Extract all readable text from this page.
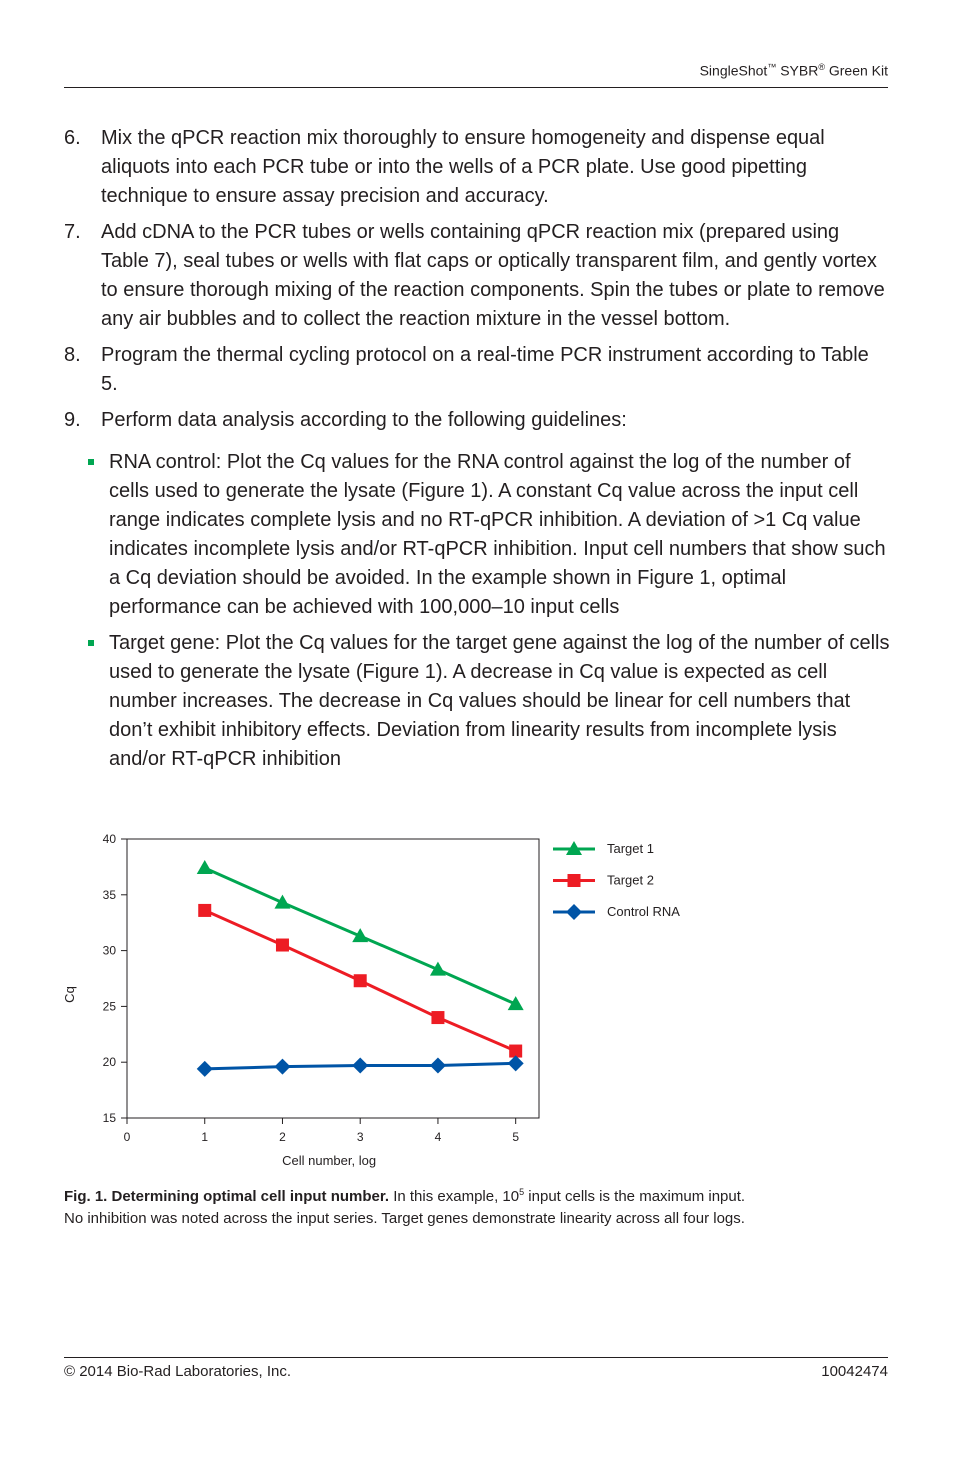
SingleShot™ SYBR® Green Kit
6. Mix the qPCR reaction mix thoroughly to ensure homogeneity and dispense equal aliquots into each PCR tube or into the wells of a PCR plate. Use good pipetting technique to ensure assay precision and accuracy.
7. Add cDNA to the PCR tubes or wells containing qPCR reaction mix (prepared using Table 7), seal tubes or wells with flat caps or optically transparent film, and gently vortex to ensure thorough mixing of the reaction components. Spin the tubes or plate to remove any air bubbles and to collect the reaction mixture in the vessel bottom.
8. Program the thermal cycling protocol on a real-time PCR instrument according to Table 5.
9. Perform data analysis according to the following guidelines:
RNA control: Plot the Cq values for the RNA control against the log of the number of cells used to generate the lysate (Figure 1). A constant Cq value across the input cell range indicates complete lysis and no RT-qPCR inhibition. A deviation of >1 Cq value indicates incomplete lysis and/or RT-qPCR inhibition. Input cell numbers that show such a Cq deviation should be avoided. In the example shown in Figure 1, optimal performance can be achieved with 100,000–10 input cells
Target gene: Plot the Cq values for the target gene against the log of the number of cells used to generate the lysate (Figure 1). A decrease in Cq value is expected as cell number increases. The decrease in Cq values should be linear for cell numbers that don’t exhibit inhibitory effects. Deviation from linearity results from incomplete lysis and/or RT-qPCR inhibition
15
20
25
30
35
40
0	1	2	3	4	5
Cell number, log
Cq
Target 1
Target 2
Control RNA
Fig. 1. Determining optimal cell input number. In this example, $10^5$ input cells is the maximum input.
No inhibition was noted across the input series. Target genes demonstrate linearity across all four logs.
© 2014 Bio-Rad Laboratories, Inc.	10042474
